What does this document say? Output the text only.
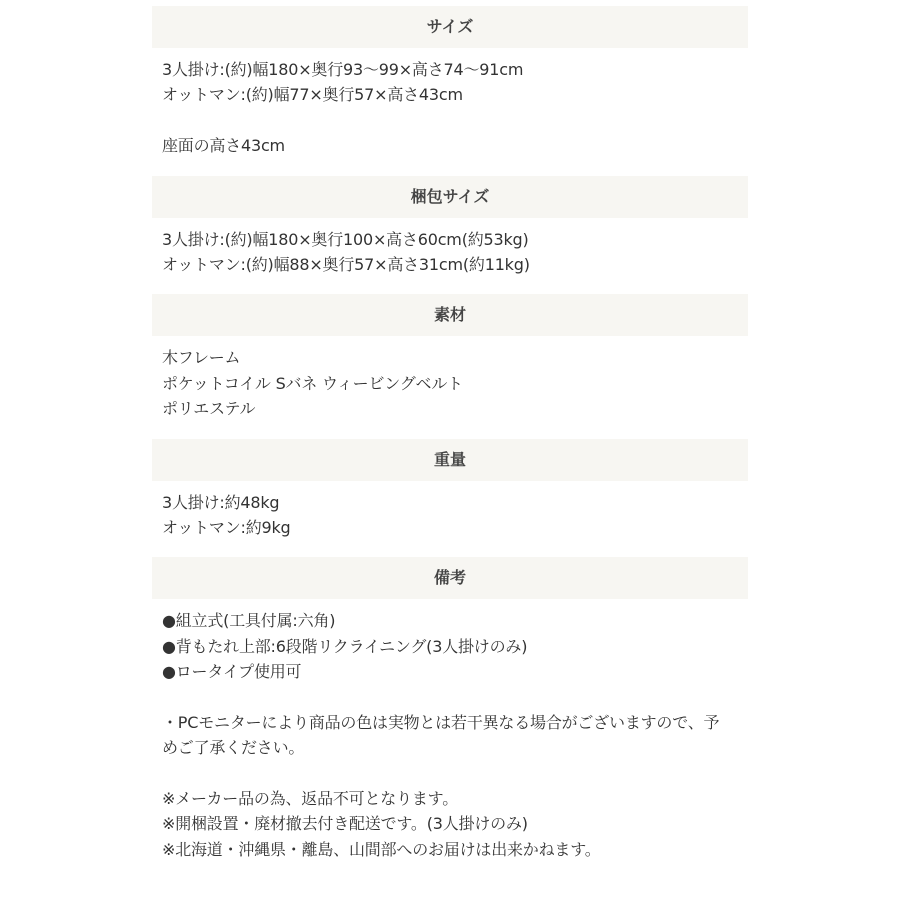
サイズ
3人掛け:(約)幅180×奥行93〜99×高さ74〜91cm
オットマン:(約)幅77×奥行57×高さ43cm
座面の高さ43cm
梱包サイズ
3人掛け:(約)幅180×奥行100×高さ60cm(約53kg)
オットマン:(約)幅88×奥行57×高さ31cm(約11kg)
素材
木フレーム
ポケットコイル Sバネ ウィービングベルト
ポリエステル
重量
3人掛け:約48kg
オットマン:約9kg
備考
●組立式(工具付属:六角)
●背もたれ上部:6段階リクライニング(3人掛けのみ)
●ロータイプ使用可
・PCモニターにより商品の色は実物とは若干異なる場合がございますので、予
めご了承ください。
※メーカー品の為、返品不可となります。
※開梱設置・廃材撤去付き配送です。(3人掛けのみ)
※北海道・沖縄県・離島、山間部へのお届けは出来かねます。
